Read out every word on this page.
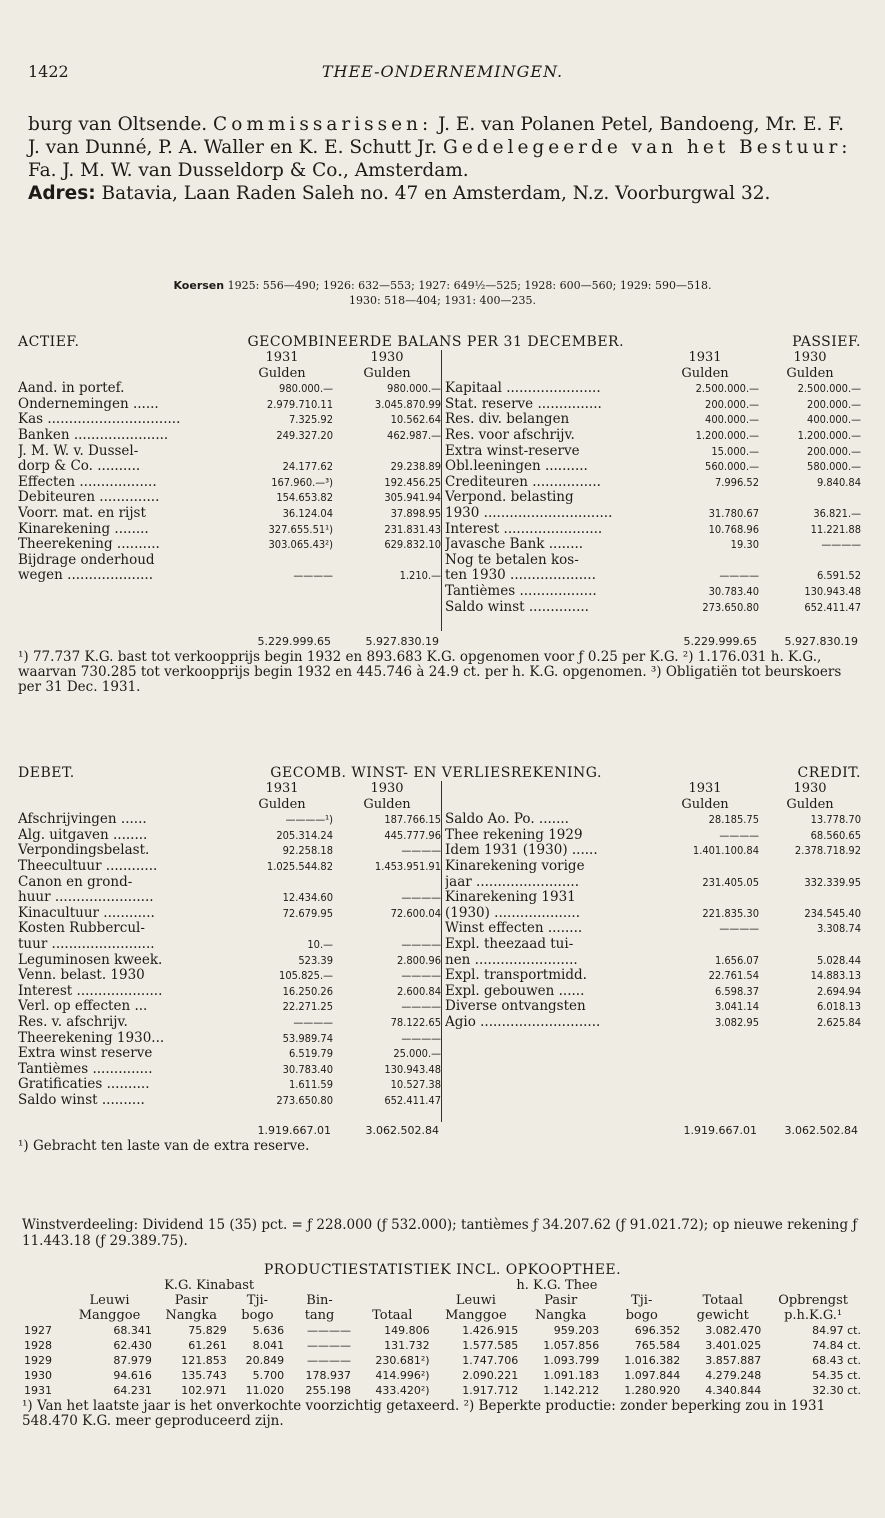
1422	THEE-ONDERNEMINGEN.

burg van Oltsende. Commissarissen: J. E. van Polanen Petel, Bandoeng, Mr. E. F. J. van Dunné, P. A. Waller en K. E. Schutt Jr. Gedelegeerde van het Bestuur: Fa. J. M. W. van Dusseldorp & Co., Amsterdam.

Adres: Batavia, Laan Raden Saleh no. 47 en Amsterdam, N.z. Voorburgwal 32.

Koersen 1925: 556—490; 1926: 632—553; 1927: 649½—525; 1928: 600—560; 1929: 590—518.
1930: 518—404; 1931: 400—235.
ACTIEF.	GECOMBINEERDE BALANS PER 31 DECEMBER.	PASSIEF.
1931	1930
Gulden	Gulden
Aand. in portef.	980.000.—	980.000.—
Ondernemingen ......	2.979.710.11	3.045.870.99
Kas ...............................	7.325.92	10.562.64
Banken ......................	249.327.20	462.987.—
J. M. W. v. Dussel-
dorp & Co. ..........	24.177.62	29.238.89
Effecten ..................	167.960.—³)	192.456.25
Debiteuren ..............	154.653.82	305.941.94
Voorr. mat. en rijst	36.124.04	37.898.95
Kinarekening ........	327.655.51¹)	231.831.43
Theerekening ..........	303.065.43²)	629.832.10
Bijdrage onderhoud
wegen ....................	————	1.210.—
1931	1930
Gulden	Gulden
Kapitaal ......................	2.500.000.—	2.500.000.—
Stat. reserve ...............	200.000.—	200.000.—
Res. div. belangen	400.000.—	400.000.—
Res. voor afschrijv.	1.200.000.—	1.200.000.—
Extra winst-reserve	15.000.—	200.000.—
Obl.leeningen ..........	560.000.—	580.000.—
Crediteuren ................	7.996.52	9.840.84
Verpond. belasting
1930 ..............................	31.780.67	36.821.—
Interest .......................	10.768.96	11.221.88
Javasche Bank ........	19.30	————
Nog te betalen kos-
ten 1930 ....................	————	6.591.52
Tantièmes ..................	30.783.40	130.943.48
Saldo winst ..............	273.650.80	652.411.47
5.229.999.65	5.927.830.19	5.229.999.65	5.927.830.19

¹) 77.737 K.G. bast tot verkoopprijs begin 1932 en 893.683 K.G. opgenomen voor ƒ 0.25 per K.G. ²) 1.176.031 h. K.G., waarvan 730.285 tot verkoopprijs begin 1932 en 445.746 à 24.9 ct. per h. K.G. opgenomen. ³) Obligatiën tot beurskoers per 31 Dec. 1931.

DEBET.	GECOMB. WINST- EN VERLIESREKENING.	CREDIT.
1931	1930
Gulden	Gulden
Afschrijvingen ......	————¹)	187.766.15
Alg. uitgaven ........	205.314.24	445.777.96
Verpondingsbelast.	92.258.18	————
Theecultuur ............	1.025.544.82	1.453.951.91
Canon en grond-
huur .......................	12.434.60	————
Kinacultuur ............	72.679.95	72.600.04
Kosten Rubbercul-
tuur ........................	10.—	————
Leguminosen kweek.	523.39	2.800.96
Venn. belast. 1930	105.825.—	————
Interest ....................	16.250.26	2.600.84
Verl. op effecten ...	22.271.25	————
Res. v. afschrijv.	————	78.122.65
Theerekening 1930...	53.989.74	————
Extra winst reserve	6.519.79	25.000.—
Tantièmes ..............	30.783.40	130.943.48
Gratificaties ..........	1.611.59	10.527.38
Saldo winst ..........	273.650.80	652.411.47
1931	1930
Gulden	Gulden
Saldo Ao. Po. .......	28.185.75	13.778.70
Thee rekening 1929	————	68.560.65
Idem 1931 (1930) ......	1.401.100.84	2.378.718.92
Kinarekening vorige
jaar ........................	231.405.05	332.339.95
Kinarekening 1931
(1930) ....................	221.835.30	234.545.40
Winst effecten ........	————	3.308.74
Expl. theezaad tui-
nen ........................	1.656.07	5.028.44
Expl. transportmidd.	22.761.54	14.883.13
Expl. gebouwen ......	6.598.37	2.694.94
Diverse ontvangsten	3.041.14	6.018.13
Agio ............................	3.082.95	2.625.84
1.919.667.01	3.062.502.84	1.919.667.01	3.062.502.84

¹) Gebracht ten laste van de extra reserve.

Winstverdeeling: Dividend 15 (35) pct. = ƒ 228.000 (ƒ 532.000); tantièmes ƒ 34.207.62 (ƒ 91.021.72); op nieuwe rekening ƒ 11.443.18 (ƒ 29.389.75).

PRODUCTIESTATISTIEK INCL. OPKOOPTHEE.
	K.G. Kinabast					h. K.G. Thee				
	Leuwi	Pasir	Tji-	Bin-		Leuwi	Pasir	Tji-	Totaal	Opbrengst
	Manggoe	Nangka	bogo	tang	Totaal	Manggoe	Nangka	bogo	gewicht	p.h.K.G.¹
1927	68.341	75.829	5.636	————	149.806	1.426.915	959.203	696.352	3.082.470	84.97 ct.
1928	62.430	61.261	8.041	————	131.732	1.577.585	1.057.856	765.584	3.401.025	74.84 ct.
1929	87.979	121.853	20.849	————	230.681²)	1.747.706	1.093.799	1.016.382	3.857.887	68.43 ct.
1930	94.616	135.743	5.700	178.937	414.996²)	2.090.221	1.091.183	1.097.844	4.279.248	54.35 ct.
1931	64.231	102.971	11.020	255.198	433.420²)	1.917.712	1.142.212	1.280.920	4.340.844	32.30 ct.

¹) Van het laatste jaar is het onverkochte voorzichtig getaxeerd. ²) Beperkte productie: zonder beperking zou in 1931 548.470 K.G. meer geproduceerd zijn.
